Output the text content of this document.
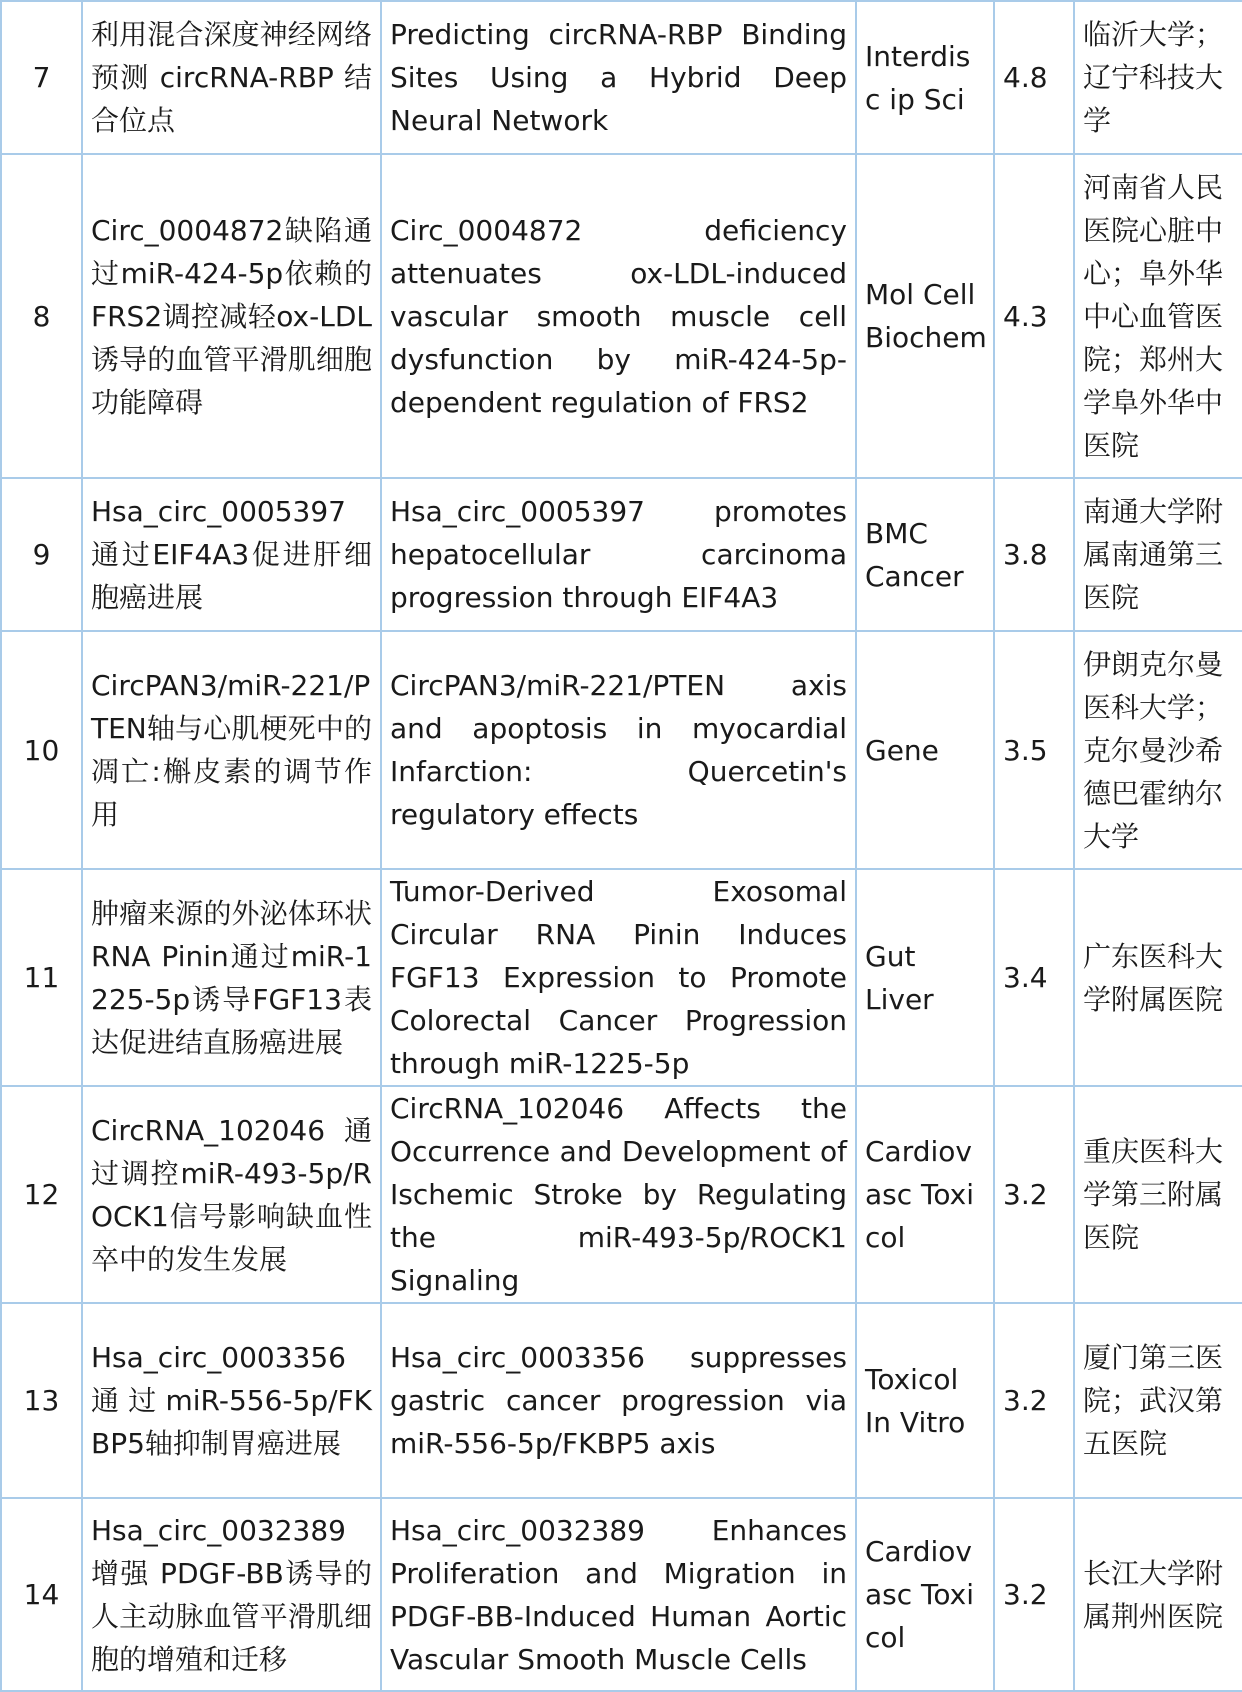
7	利用混合深度神经网络预测 circRNA-RBP 结合位点	Predicting circRNA-RBP Binding Sites Using a Hybrid Deep Neural Network	Interdisc ip Sci	4.8	临沂大学；辽宁科技大学
8	Circ_0004872缺陷通过miR-424-5p依赖的FRS2调控减轻ox-LDL诱导的血管平滑肌细胞功能障碍	Circ_0004872 deficiency attenuates ox-LDL-induced vascular smooth muscle cell dysfunction by miR-424-5p-dependent regulation of FRS2	Mol Cell Biochem	4.3	河南省人民医院心脏中心；阜外华中心血管医院；郑州大学阜外华中医院
9	Hsa_circ_0005397通过EIF4A3促进肝细胞癌进展	Hsa_circ_0005397 promotes hepatocellular carcinoma progression through EIF4A3	BMC Cancer	3.8	南通大学附属南通第三医院
10	CircPAN3/miR-221/PTEN轴与心肌梗死中的凋亡:槲皮素的调节作用	CircPAN3/miR-221/PTEN axis and apoptosis in myocardial Infarction: Quercetin's regulatory effects	Gene	3.5	伊朗克尔曼医科大学；克尔曼沙希德巴霍纳尔大学
11	肿瘤来源的外泌体环状RNA Pinin通过miR-1225-5p诱导FGF13表达促进结直肠癌进展	Tumor-Derived Exosomal Circular RNA Pinin Induces FGF13 Expression to Promote Colorectal Cancer Progression through miR-1225-5p	Gut Liver	3.4	广东医科大学附属医院
12	CircRNA_102046通过调控miR-493-5p/ROCK1信号影响缺血性卒中的发生发展	CircRNA_102046 Affects the Occurrence and Development of Ischemic Stroke by Regulating the miR-493-5p/ROCK1 Signaling	Cardiov asc Toxicol	3.2	重庆医科大学第三附属医院
13	Hsa_circ_0003356通过miR-556-5p/FKBP5轴抑制胃癌进展	Hsa_circ_0003356 suppresses gastric cancer progression via miR-556-5p/FKBP5 axis	Toxicol In Vitro	3.2	厦门第三医院；武汉第五医院
14	Hsa_circ_0032389增强 PDGF-BB诱导的人主动脉血管平滑肌细胞的增殖和迁移	Hsa_circ_0032389 Enhances Proliferation and Migration in PDGF-BB-Induced Human Aortic Vascular Smooth Muscle Cells	Cardiov asc Toxicol	3.2	长江大学附属荆州医院
